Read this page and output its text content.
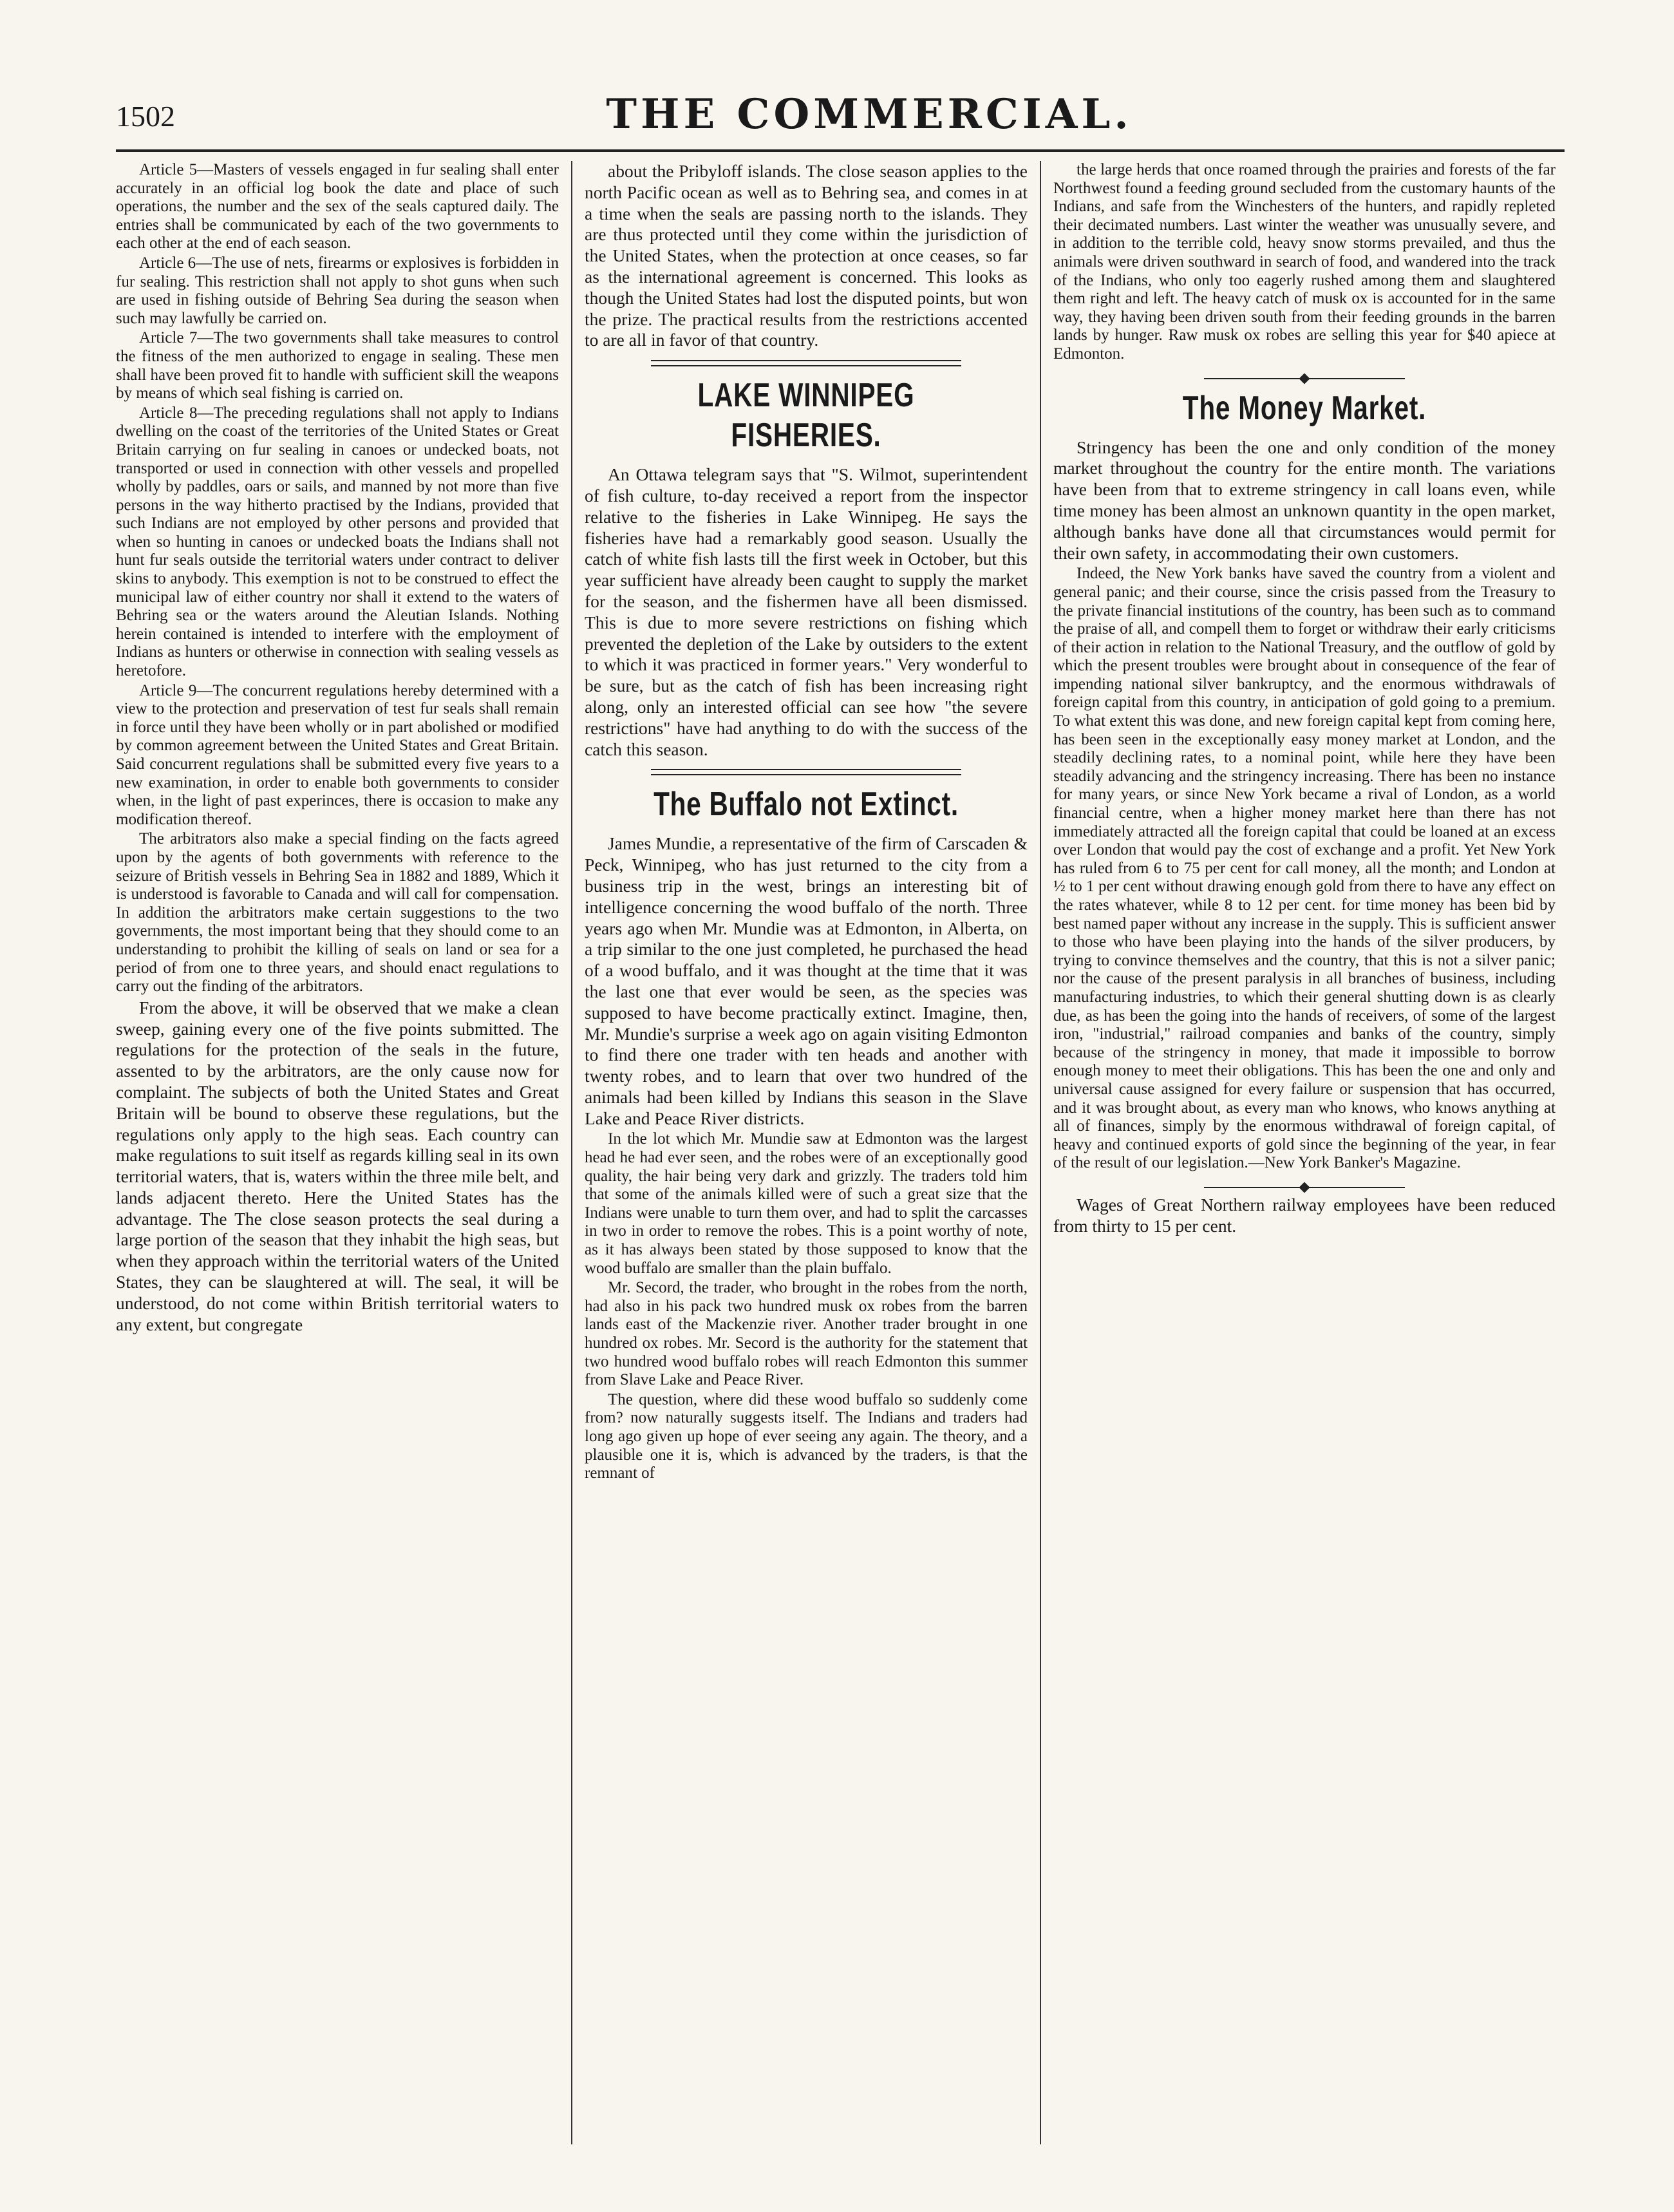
1502	THE COMMERCIAL.

Article 5—Masters of vessels engaged in fur sealing shall enter accurately in an official log book the date and place of such operations, the number and the sex of the seals captured daily. The entries shall be communicated by each of the two governments to each other at the end of each season.

Article 6—The use of nets, firearms or explosives is forbidden in fur sealing. This restriction shall not apply to shot guns when such are used in fishing outside of Behring Sea during the season when such may lawfully be carried on.

Article 7—The two governments shall take measures to control the fitness of the men authorized to engage in sealing. These men shall have been proved fit to handle with sufficient skill the weapons by means of which seal fishing is carried on.

Article 8—The preceding regulations shall not apply to Indians dwelling on the coast of the territories of the United States or Great Britain carrying on fur sealing in canoes or undecked boats, not transported or used in connection with other vessels and propelled wholly by paddles, oars or sails, and manned by not more than five persons in the way hitherto practised by the Indians, provided that such Indians are not employed by other persons and provided that when so hunting in canoes or undecked boats the Indians shall not hunt fur seals outside the territorial waters under contract to deliver skins to anybody. This exemption is not to be construed to effect the municipal law of either country nor shall it extend to the waters of Behring sea or the waters around the Aleutian Islands. Nothing herein contained is intended to interfere with the employment of Indians as hunters or otherwise in connection with sealing vessels as heretofore.

Article 9—The concurrent regulations hereby determined with a view to the protection and preservation of test fur seals shall remain in force until they have been wholly or in part abolished or modified by common agreement between the United States and Great Britain. Said concurrent regulations shall be submitted every five years to a new examination, in order to enable both governments to consider when, in the light of past experinces, there is occasion to make any modification thereof.

The arbitrators also make a special finding on the facts agreed upon by the agents of both governments with reference to the seizure of British vessels in Behring Sea in 1882 and 1889, Which it is understood is favorable to Canada and will call for compensation. In addition the arbitrators make certain suggestions to the two governments, the most important being that they should come to an understanding to prohibit the killing of seals on land or sea for a period of from one to three years, and should enact regulations to carry out the finding of the arbitrators.

From the above, it will be observed that we make a clean sweep, gaining every one of the five points submitted. The regulations for the protection of the seals in the future, assented to by the arbitrators, are the only cause now for complaint. The subjects of both the United States and Great Britain will be bound to observe these regulations, but the regulations only apply to the high seas. Each country can make regulations to suit itself as regards killing seal in its own territorial waters, that is, waters within the three mile belt, and lands adjacent thereto. Here the United States has the advantage. The The close season protects the seal during a large portion of the season that they inhabit the high seas, but when they approach within the territorial waters of the United States, they can be slaughtered at will. The seal, it will be understood, do not come within British territorial waters to any extent, but congregate

about the Pribyloff islands. The close season applies to the north Pacific ocean as well as to Behring sea, and comes in at a time when the seals are passing north to the islands. They are thus protected until they come within the jurisdiction of the United States, when the protection at once ceases, so far as the international agreement is concerned. This looks as though the United States had lost the disputed points, but won the prize. The practical results from the restrictions accented to are all in favor of that country.

LAKE WINNIPEG FISHERIES.

An Ottawa telegram says that "S. Wilmot, superintendent of fish culture, to-day received a report from the inspector relative to the fisheries in Lake Winnipeg. He says the fisheries have had a remarkably good season. Usually the catch of white fish lasts till the first week in October, but this year sufficient have already been caught to supply the market for the season, and the fishermen have all been dismissed. This is due to more severe restrictions on fishing which prevented the depletion of the Lake by outsiders to the extent to which it was practiced in former years." Very wonderful to be sure, but as the catch of fish has been increasing right along, only an interested official can see how "the severe restrictions" have had anything to do with the success of the catch this season.

The Buffalo not Extinct.

James Mundie, a representative of the firm of Carscaden & Peck, Winnipeg, who has just returned to the city from a business trip in the west, brings an interesting bit of intelligence concerning the wood buffalo of the north. Three years ago when Mr. Mundie was at Edmonton, in Alberta, on a trip similar to the one just completed, he purchased the head of a wood buffalo, and it was thought at the time that it was the last one that ever would be seen, as the species was supposed to have become practically extinct. Imagine, then, Mr. Mundie's surprise a week ago on again visiting Edmonton to find there one trader with ten heads and another with twenty robes, and to learn that over two hundred of the animals had been killed by Indians this season in the Slave Lake and Peace River districts.

In the lot which Mr. Mundie saw at Edmonton was the largest head he had ever seen, and the robes were of an exceptionally good quality, the hair being very dark and grizzly. The traders told him that some of the animals killed were of such a great size that the Indians were unable to turn them over, and had to split the carcasses in two in order to remove the robes. This is a point worthy of note, as it has always been stated by those supposed to know that the wood buffalo are smaller than the plain buffalo.

Mr. Secord, the trader, who brought in the robes from the north, had also in his pack two hundred musk ox robes from the barren lands east of the Mackenzie river. Another trader brought in one hundred ox robes. Mr. Secord is the authority for the statement that two hundred wood buffalo robes will reach Edmonton this summer from Slave Lake and Peace River.

The question, where did these wood buffalo so suddenly come from? now naturally suggests itself. The Indians and traders had long ago given up hope of ever seeing any again. The theory, and a plausible one it is, which is advanced by the traders, is that the remnant of

the large herds that once roamed through the prairies and forests of the far Northwest found a feeding ground secluded from the customary haunts of the Indians, and safe from the Winchesters of the hunters, and rapidly repleted their decimated numbers. Last winter the weather was unusually severe, and in addition to the terrible cold, heavy snow storms prevailed, and thus the animals were driven southward in search of food, and wandered into the track of the Indians, who only too eagerly rushed among them and slaughtered them right and left. The heavy catch of musk ox is accounted for in the same way, they having been driven south from their feeding grounds in the barren lands by hunger. Raw musk ox robes are selling this year for $40 apiece at Edmonton.

The Money Market.

Stringency has been the one and only condition of the money market throughout the country for the entire month. The variations have been from that to extreme stringency in call loans even, while time money has been almost an unknown quantity in the open market, although banks have done all that circumstances would permit for their own safety, in accommodating their own customers.

Indeed, the New York banks have saved the country from a violent and general panic; and their course, since the crisis passed from the Treasury to the private financial institutions of the country, has been such as to command the praise of all, and compell them to forget or withdraw their early criticisms of their action in relation to the National Treasury, and the outflow of gold by which the present troubles were brought about in consequence of the fear of impending national silver bankruptcy, and the enormous withdrawals of foreign capital from this country, in anticipation of gold going to a premium. To what extent this was done, and new foreign capital kept from coming here, has been seen in the exceptionally easy money market at London, and the steadily declining rates, to a nominal point, while here they have been steadily advancing and the stringency increasing. There has been no instance for many years, or since New York became a rival of London, as a world financial centre, when a higher money market here than there has not immediately attracted all the foreign capital that could be loaned at an excess over London that would pay the cost of exchange and a profit. Yet New York has ruled from 6 to 75 per cent for call money, all the month; and London at ½ to 1 per cent without drawing enough gold from there to have any effect on the rates whatever, while 8 to 12 per cent. for time money has been bid by best named paper without any increase in the supply. This is sufficient answer to those who have been playing into the hands of the silver producers, by trying to convince themselves and the country, that this is not a silver panic; nor the cause of the present paralysis in all branches of business, including manufacturing industries, to which their general shutting down is as clearly due, as has been the going into the hands of receivers, of some of the largest iron, "industrial," railroad companies and banks of the country, simply because of the stringency in money, that made it impossible to borrow enough money to meet their obligations. This has been the one and only and universal cause assigned for every failure or suspension that has occurred, and it was brought about, as every man who knows, who knows anything at all of finances, simply by the enormous withdrawal of foreign capital, of heavy and continued exports of gold since the beginning of the year, in fear of the result of our legislation.—New York Banker's Magazine.

Wages of Great Northern railway employees have been reduced from thirty to 15 per cent.
